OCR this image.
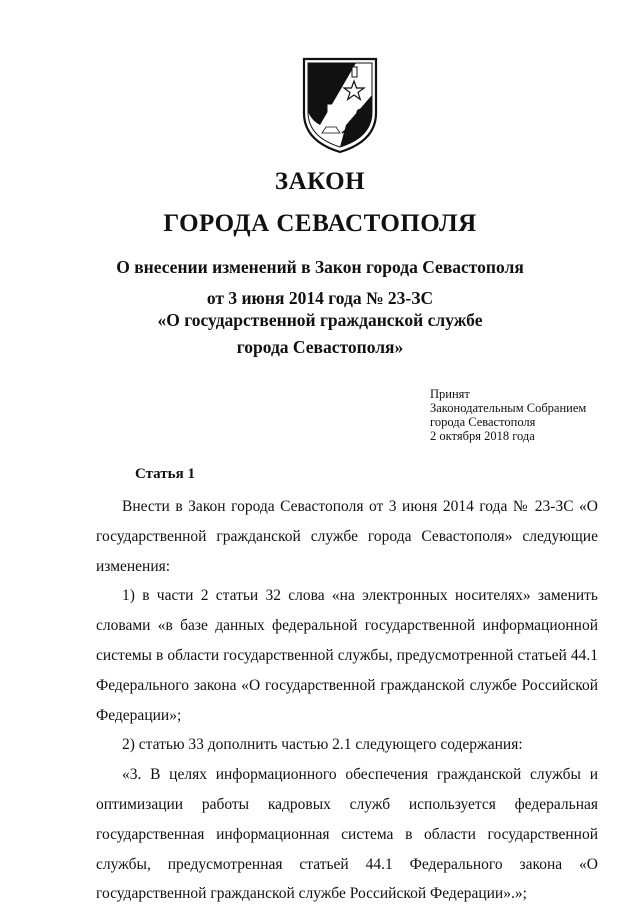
ЗАКОН
ГОРОДА СЕВАСТОПОЛЯ
О внесении изменений в Закон города Севастополя
от 3 июня 2014 года № 23-ЗС
«О государственной гражданской службе
города Севастополя»
Принят
Законодательным Собранием
города Севастополя
2 октября 2018 года
Статья 1

Внести в Закон города Севастополя от 3 июня 2014 года № 23-ЗС «О государственной гражданской службе города Севастополя» следующие изменения:

1) в части 2 статьи 32 слова «на электронных носителях» заменить словами «в базе данных федеральной государственной информационной системы в области государственной службы, предусмотренной статьей 44.1 Федерального закона «О государственной гражданской службе Российской Федерации»;

2) статью 33 дополнить частью 2.1 следующего содержания:

«3. В целях информационного обеспечения гражданской службы и оптимизации работы кадровых служб используется федеральная государственная информационная система в области государственной службы, предусмотренная статьей 44.1 Федерального закона «О государственной гражданской службе Российской Федерации».»;
